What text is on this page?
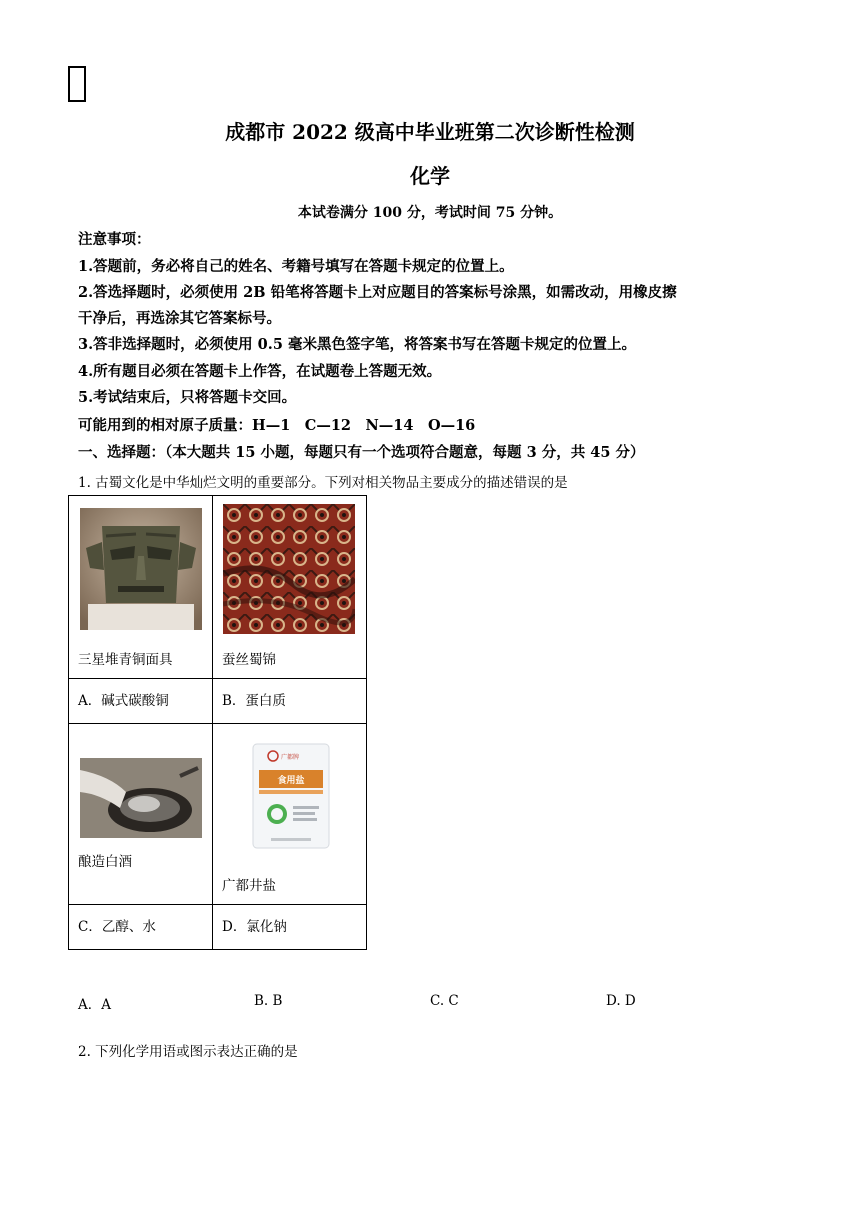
成都市 2022 级高中毕业班第二次诊断性检测
化学
本试卷满分 100 分，考试时间 75 分钟。
注意事项：
1.答题前，务必将自己的姓名、考籍号填写在答题卡规定的位置上。
2.答选择题时，必须使用 2B 铅笔将答题卡上对应题目的答案标号涂黑，如需改动，用橡皮擦
干净后，再选涂其它答案标号。
3.答非选择题时，必须使用 0.5 毫米黑色签字笔，将答案书写在答题卡规定的位置上。
4.所有题目必须在答题卡上作答，在试题卷上答题无效。
5.考试结束后，只将答题卡交回。
可能用到的相对原子质量：H—1　C—12　N—14　O—16
一、选择题：（本大题共 15 小题，每题只有一个选项符合题意，每题 3 分，共 45 分）
1. 古蜀文化是中华灿烂文明的重要部分。下列对相关物品主要成分的描述错误的是
三星堆青铜面具	蚕丝蜀锦

A．碱式碳酸铜	B．蛋白质

酿造白酒	广都牌
食用盐
广都井盐

C．乙醇、水	D．氯化钠
A．A	B. B	C. C	D. D
2. 下列化学用语或图示表达正确的是
